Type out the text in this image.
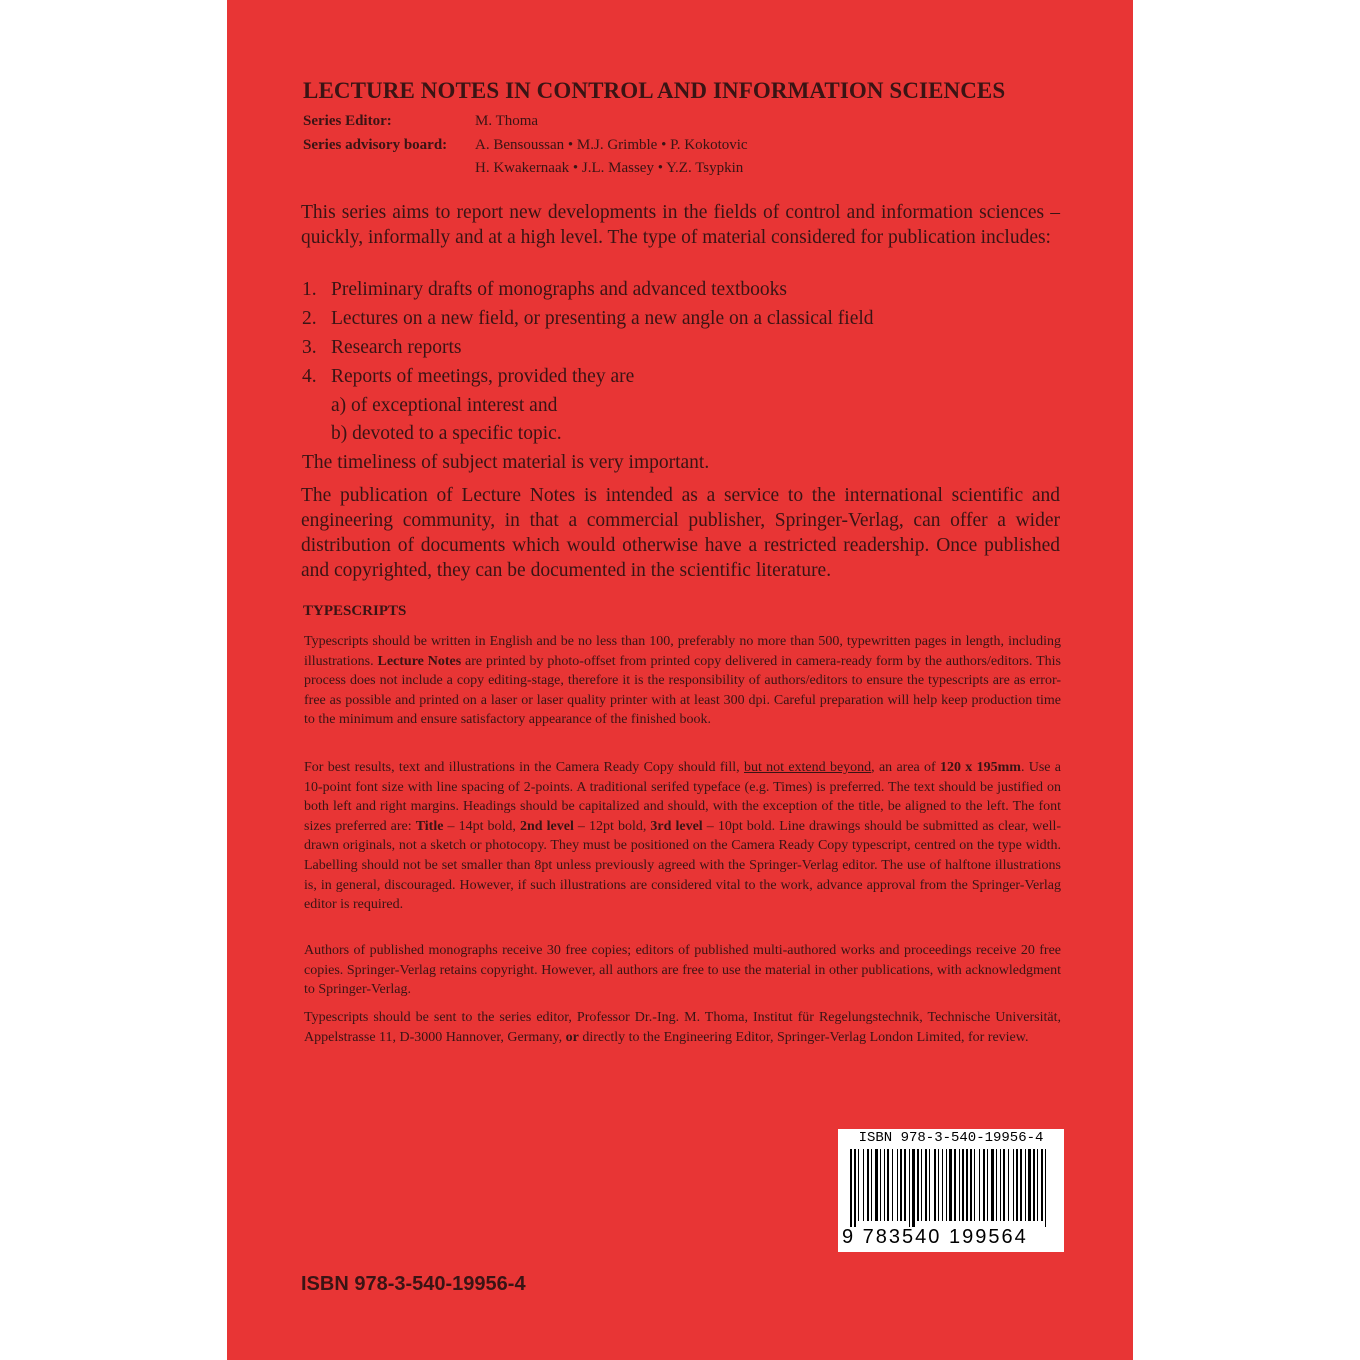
LECTURE NOTES IN CONTROL AND INFORMATION SCIENCES
Series Editor:	M. Thoma
Series advisory board: A. Bensoussan • M.J. Grimble • P. Kokotovic
H. Kwakernaak • J.L. Massey • Y.Z. Tsypkin

This series aims to report new developments in the fields of control and information sciences – quickly, informally and at a high level. The type of material considered for publication includes:

1. Preliminary drafts of monographs and advanced textbooks
2. Lectures on a new field, or presenting a new angle on a classical field
3. Research reports
4. Reports of meetings, provided they are
a) of exceptional interest and
b) devoted to a specific topic.
The timeliness of subject material is very important.

The publication of Lecture Notes is intended as a service to the international scientific and engineering community, in that a commercial publisher, Springer-Verlag, can offer a wider distribution of documents which would otherwise have a restricted readership. Once published and copyrighted, they can be documented in the scientific literature.

TYPESCRIPTS

Typescripts should be written in English and be no less than 100, preferably no more than 500, typewritten pages in length, including illustrations. Lecture Notes are printed by photo-offset from printed copy delivered in camera-ready form by the authors/editors. This process does not include a copy editing-stage, therefore it is the responsibility of authors/editors to ensure the typescripts are as error-free as possible and printed on a laser or laser quality printer with at least 300 dpi. Careful preparation will help keep production time to the minimum and ensure satisfactory appearance of the finished book.

For best results, text and illustrations in the Camera Ready Copy should fill, but not extend beyond, an area of 120 x 195mm. Use a 10-point font size with line spacing of 2-points. A traditional serifed typeface (e.g. Times) is preferred. The text should be justified on both left and right margins. Headings should be capitalized and should, with the exception of the title, be aligned to the left. The font sizes preferred are: Title – 14pt bold, 2nd level – 12pt bold, 3rd level – 10pt bold. Line drawings should be submitted as clear, well-drawn originals, not a sketch or photocopy. They must be positioned on the Camera Ready Copy typescript, centred on the type width. Labelling should not be set smaller than 8pt unless previously agreed with the Springer-Verlag editor. The use of halftone illustrations is, in general, discouraged. However, if such illustrations are considered vital to the work, advance approval from the Springer-Verlag editor is required.

Authors of published monographs receive 30 free copies; editors of published multi-authored works and proceedings receive 20 free copies. Springer-Verlag retains copyright. However, all authors are free to use the material in other publications, with acknowledgment to Springer-Verlag.

Typescripts should be sent to the series editor, Professor Dr.-Ing. M. Thoma, Institut für Regelungstechnik, Technische Universität, Appelstrasse 11, D-3000 Hannover, Germany, or directly to the Engineering Editor, Springer-Verlag London Limited, for review.

ISBN 978-3-540-19956-4
9 783540 199564
ISBN 978-3-540-19956-4
